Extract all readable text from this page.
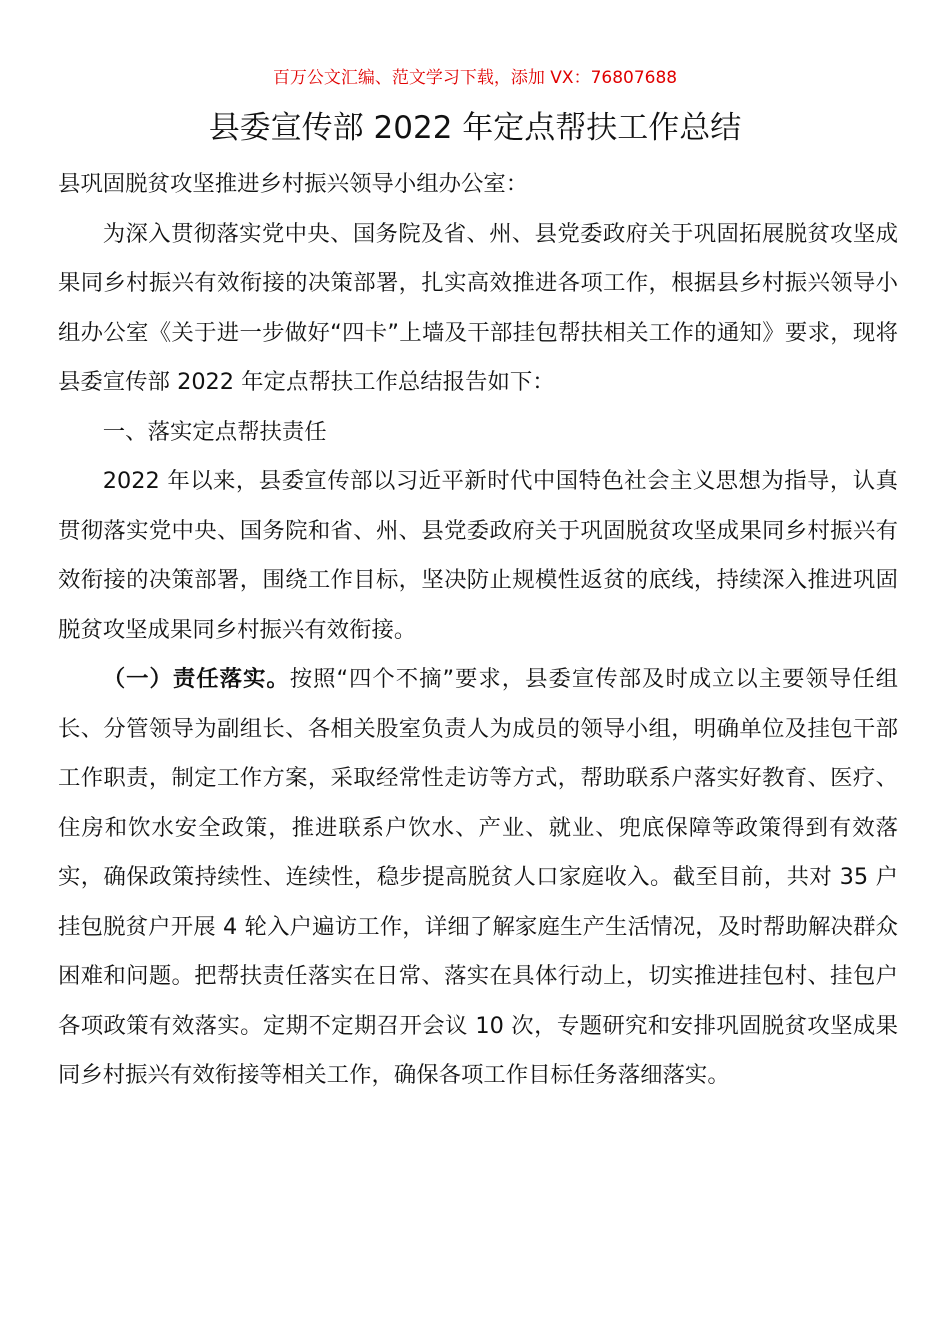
百万公文汇编、范文学习下载，添加 VX：76807688
县委宣传部 2022 年定点帮扶工作总结

县巩固脱贫攻坚推进乡村振兴领导小组办公室：

为深入贯彻落实党中央、国务院及省、州、县党委政府关于巩固拓展脱贫攻坚成果同乡村振兴有效衔接的决策部署，扎实高效推进各项工作，根据县乡村振兴领导小组办公室《关于进一步做好“四卡”上墙及干部挂包帮扶相关工作的通知》要求，现将县委宣传部 2022 年定点帮扶工作总结报告如下：

一、落实定点帮扶责任

2022 年以来，县委宣传部以习近平新时代中国特色社会主义思想为指导，认真贯彻落实党中央、国务院和省、州、县党委政府关于巩固脱贫攻坚成果同乡村振兴有效衔接的决策部署，围绕工作目标，坚决防止规模性返贫的底线，持续深入推进巩固脱贫攻坚成果同乡村振兴有效衔接。

（一）责任落实。按照“四个不摘”要求，县委宣传部及时成立以主要领导任组长、分管领导为副组长、各相关股室负责人为成员的领导小组，明确单位及挂包干部工作职责，制定工作方案，采取经常性走访等方式，帮助联系户落实好教育、医疗、住房和饮水安全政策，推进联系户饮水、产业、就业、兜底保障等政策得到有效落实，确保政策持续性、连续性，稳步提高脱贫人口家庭收入。截至目前，共对 35 户挂包脱贫户开展 4 轮入户遍访工作，详细了解家庭生产生活情况，及时帮助解决群众困难和问题。把帮扶责任落实在日常、落实在具体行动上，切实推进挂包村、挂包户各项政策有效落实。定期不定期召开会议 10 次，专题研究和安排巩固脱贫攻坚成果同乡村振兴有效衔接等相关工作，确保各项工作目标任务落细落实。
